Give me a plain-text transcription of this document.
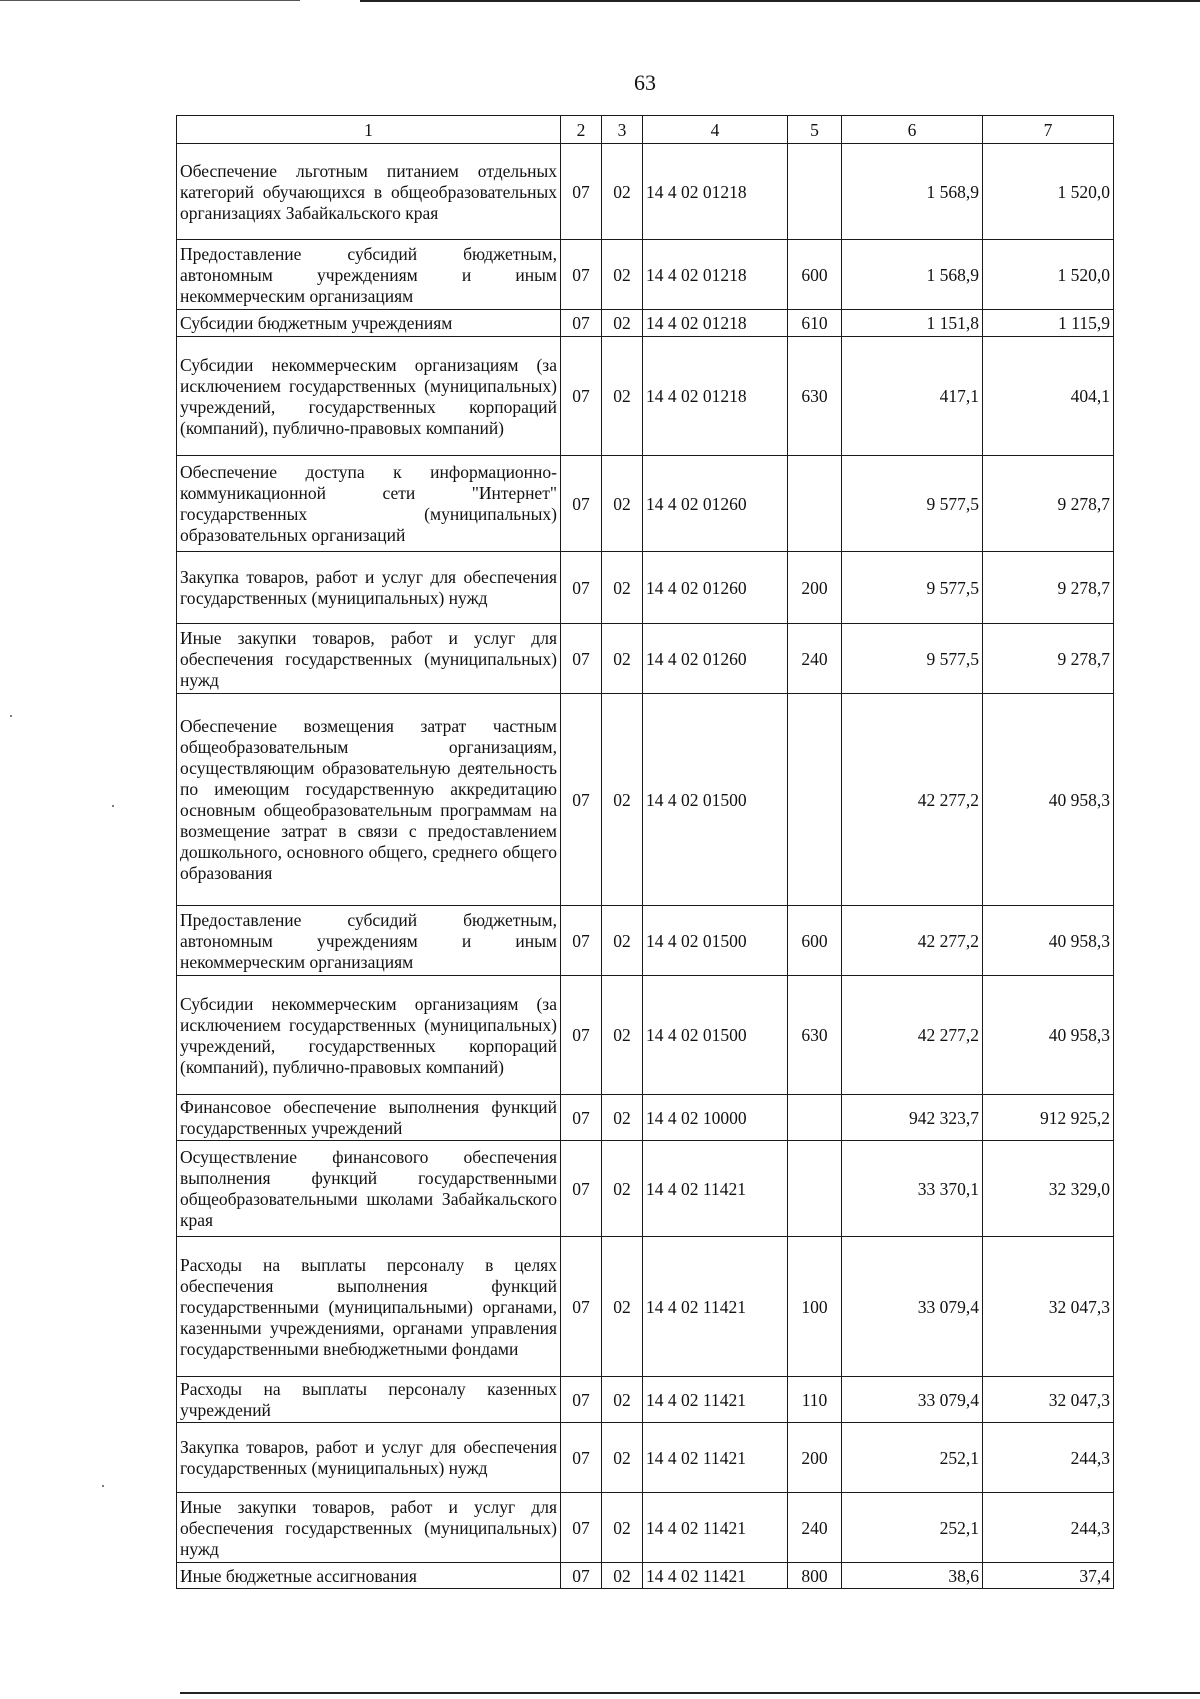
63
1	2	3	4	5	6	7
Обеспечение льготным питанием отдельных категорий обучающихся в общеобразовательных организациях Забайкальского края	07	02	14 4 02 01218		1 568,9	1 520,0
Предоставление субсидий бюджетным, автономным учреждениям и иным некоммерческим организациям	07	02	14 4 02 01218	600	1 568,9	1 520,0
Субсидии бюджетным учреждениям	07	02	14 4 02 01218	610	1 151,8	1 115,9
Субсидии некоммерческим организациям (за исключением государственных (муниципальных) учреждений, государственных корпораций (компаний), публично-правовых компаний)	07	02	14 4 02 01218	630	417,1	404,1
Обеспечение доступа к информационно-коммуникационной сети "Интернет" государственных (муниципальных) образовательных организаций	07	02	14 4 02 01260		9 577,5	9 278,7
Закупка товаров, работ и услуг для обеспечения государственных (муниципальных) нужд	07	02	14 4 02 01260	200	9 577,5	9 278,7
Иные закупки товаров, работ и услуг для обеспечения государственных (муниципальных) нужд	07	02	14 4 02 01260	240	9 577,5	9 278,7
Обеспечение возмещения затрат частным общеобразовательным организациям, осуществляющим образовательную деятельность по имеющим государственную аккредитацию основным общеобразовательным программам на возмещение затрат в связи с предоставлением дошкольного, основного общего, среднего общего образования	07	02	14 4 02 01500		42 277,2	40 958,3
Предоставление субсидий бюджетным, автономным учреждениям и иным некоммерческим организациям	07	02	14 4 02 01500	600	42 277,2	40 958,3
Субсидии некоммерческим организациям (за исключением государственных (муниципальных) учреждений, государственных корпораций (компаний), публично-правовых компаний)	07	02	14 4 02 01500	630	42 277,2	40 958,3
Финансовое обеспечение выполнения функций государственных учреждений	07	02	14 4 02 10000		942 323,7	912 925,2
Осуществление финансового обеспечения выполнения функций государственными общеобразовательными школами Забайкальского края	07	02	14 4 02 11421		33 370,1	32 329,0
Расходы на выплаты персоналу в целях обеспечения выполнения функций государственными (муниципальными) органами, казенными учреждениями, органами управления государственными внебюджетными фондами	07	02	14 4 02 11421	100	33 079,4	32 047,3
Расходы на выплаты персоналу казенных учреждений	07	02	14 4 02 11421	110	33 079,4	32 047,3
Закупка товаров, работ и услуг для обеспечения государственных (муниципальных) нужд	07	02	14 4 02 11421	200	252,1	244,3
Иные закупки товаров, работ и услуг для обеспечения государственных (муниципальных) нужд	07	02	14 4 02 11421	240	252,1	244,3
Иные бюджетные ассигнования	07	02	14 4 02 11421	800	38,6	37,4
